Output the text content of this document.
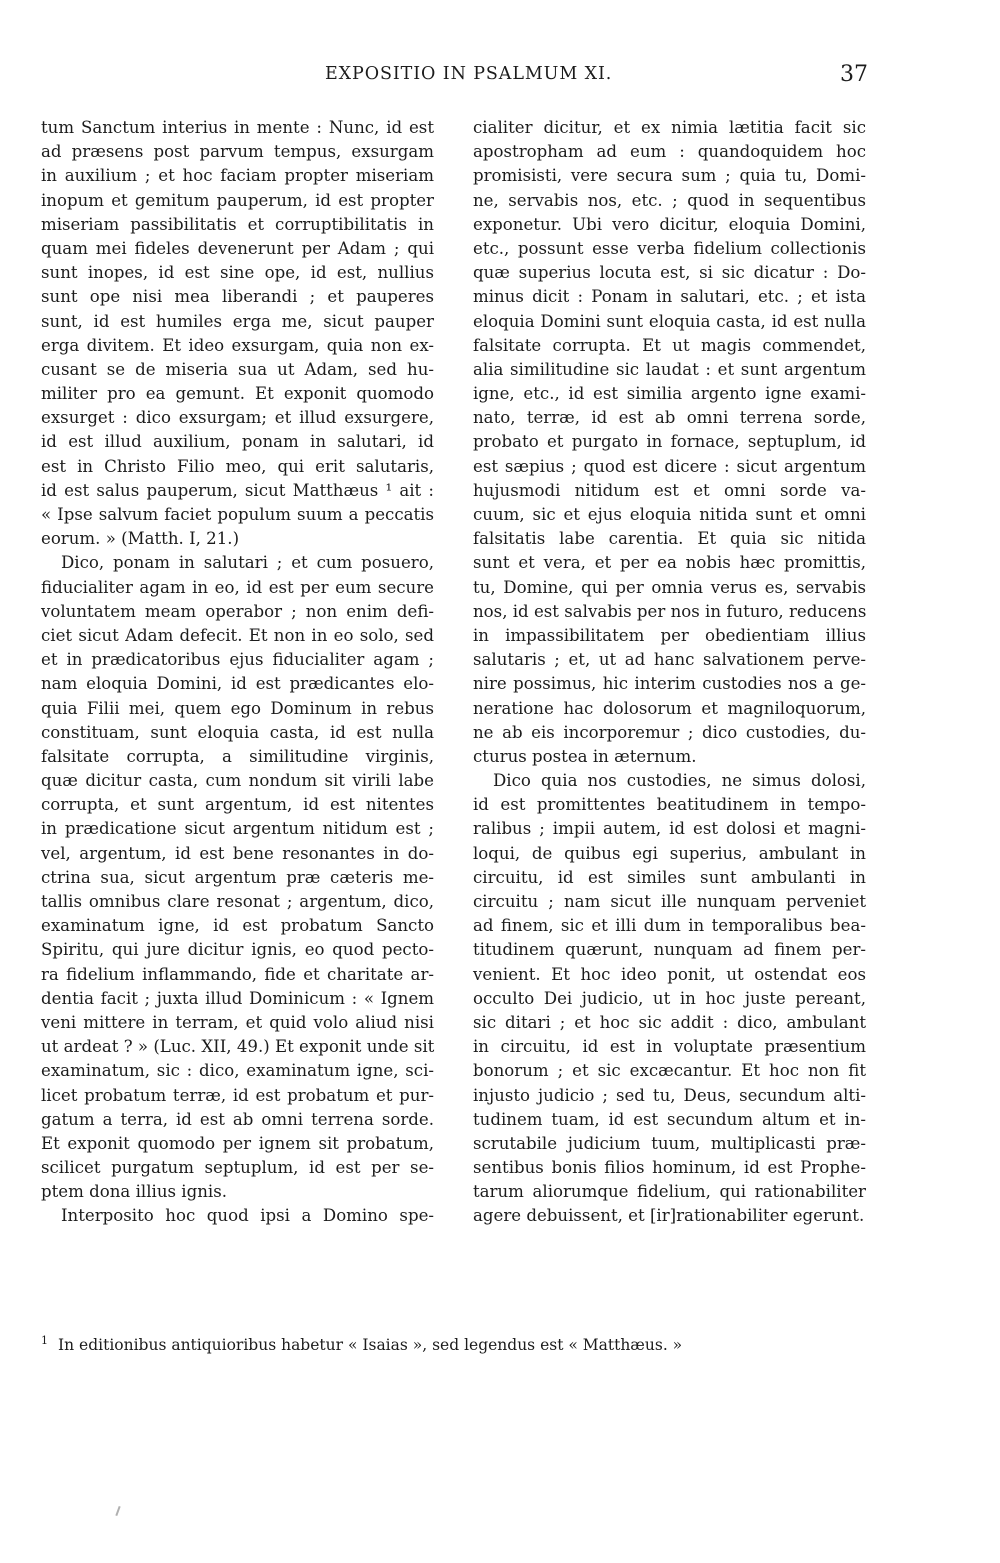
EXPOSITIO IN PSALMUM XI.	37
tum Sanctum interius in mente : Nunc, id est
ad præsens post parvum tempus, exsurgam
in auxilium ; et hoc faciam propter miseriam
inopum et gemitum pauperum, id est propter
miseriam passibilitatis et corruptibilitatis in
quam mei fideles devenerunt per Adam ; qui
sunt inopes, id est sine ope, id est, nullius
sunt ope nisi mea liberandi ; et pauperes
sunt, id est humiles erga me, sicut pauper
erga divitem. Et ideo exsurgam, quia non ex-
cusant se de miseria sua ut Adam, sed hu-
militer pro ea gemunt. Et exponit quomodo
exsurget : dico exsurgam; et illud exsurgere,
id est illud auxilium, ponam in salutari, id
est in Christo Filio meo, qui erit salutaris,
id est salus pauperum, sicut Matthæus ¹ ait :
« Ipse salvum faciet populum suum a peccatis
eorum. » (Matth. I, 21.)
Dico, ponam in salutari ; et cum posuero,
fiducialiter agam in eo, id est per eum secure
voluntatem meam operabor ; non enim defi-
ciet sicut Adam defecit. Et non in eo solo, sed
et in prædicatoribus ejus fiducialiter agam ;
nam eloquia Domini, id est prædicantes elo-
quia Filii mei, quem ego Dominum in rebus
constituam, sunt eloquia casta, id est nulla
falsitate corrupta, a similitudine virginis,
quæ dicitur casta, cum nondum sit virili labe
corrupta, et sunt argentum, id est nitentes
in prædicatione sicut argentum nitidum est ;
vel, argentum, id est bene resonantes in do-
ctrina sua, sicut argentum præ cæteris me-
tallis omnibus clare resonat ; argentum, dico,
examinatum igne, id est probatum Sancto
Spiritu, qui jure dicitur ignis, eo quod pecto-
ra fidelium inflammando, fide et charitate ar-
dentia facit ; juxta illud Dominicum : « Ignem
veni mittere in terram, et quid volo aliud nisi
ut ardeat ? » (Luc. XII, 49.) Et exponit unde sit
examinatum, sic : dico, examinatum igne, sci-
licet probatum terræ, id est probatum et pur-
gatum a terra, id est ab omni terrena sorde.
Et exponit quomodo per ignem sit probatum,
scilicet purgatum septuplum, id est per se-
ptem dona illius ignis.
Interposito hoc quod ipsi a Domino spe-
cialiter dicitur, et ex nimia lætitia facit sic
apostropham ad eum : quandoquidem hoc
promisisti, vere secura sum ; quia tu, Domi-
ne, servabis nos, etc. ; quod in sequentibus
exponetur. Ubi vero dicitur, eloquia Domini,
etc., possunt esse verba fidelium collectionis
quæ superius locuta est, si sic dicatur : Do-
minus dicit : Ponam in salutari, etc. ; et ista
eloquia Domini sunt eloquia casta, id est nulla
falsitate corrupta. Et ut magis commendet,
alia similitudine sic laudat : et sunt argentum
igne, etc., id est similia argento igne exami-
nato, terræ, id est ab omni terrena sorde,
probato et purgato in fornace, septuplum, id
est sæpius ; quod est dicere : sicut argentum
hujusmodi nitidum est et omni sorde va-
cuum, sic et ejus eloquia nitida sunt et omni
falsitatis labe carentia. Et quia sic nitida
sunt et vera, et per ea nobis hæc promittis,
tu, Domine, qui per omnia verus es, servabis
nos, id est salvabis per nos in futuro, reducens
in impassibilitatem per obedientiam illius
salutaris ; et, ut ad hanc salvationem perve-
nire possimus, hic interim custodies nos a ge-
neratione hac dolosorum et magniloquorum,
ne ab eis incorporemur ; dico custodies, du-
cturus postea in æternum.
Dico quia nos custodies, ne simus dolosi,
id est promittentes beatitudinem in tempo-
ralibus ; impii autem, id est dolosi et magni-
loqui, de quibus egi superius, ambulant in
circuitu, id est similes sunt ambulanti in
circuitu ; nam sicut ille nunquam perveniet
ad finem, sic et illi dum in temporalibus bea-
titudinem quærunt, nunquam ad finem per-
venient. Et hoc ideo ponit, ut ostendat eos
occulto Dei judicio, ut in hoc juste pereant,
sic ditari ; et hoc sic addit : dico, ambulant
in circuitu, id est in voluptate præsentium
bonorum ; et sic excæcantur. Et hoc non fit
injusto judicio ; sed tu, Deus, secundum alti-
tudinem tuam, id est secundum altum et in-
scrutabile judicium tuum, multiplicasti præ-
sentibus bonis filios hominum, id est Prophe-
tarum aliorumque fidelium, qui rationabiliter
agere debuissent, et [ir]rationabiliter egerunt.
$^1$ In editionibus antiquioribus habetur « Isaias », sed legendus est « Matthæus. »
